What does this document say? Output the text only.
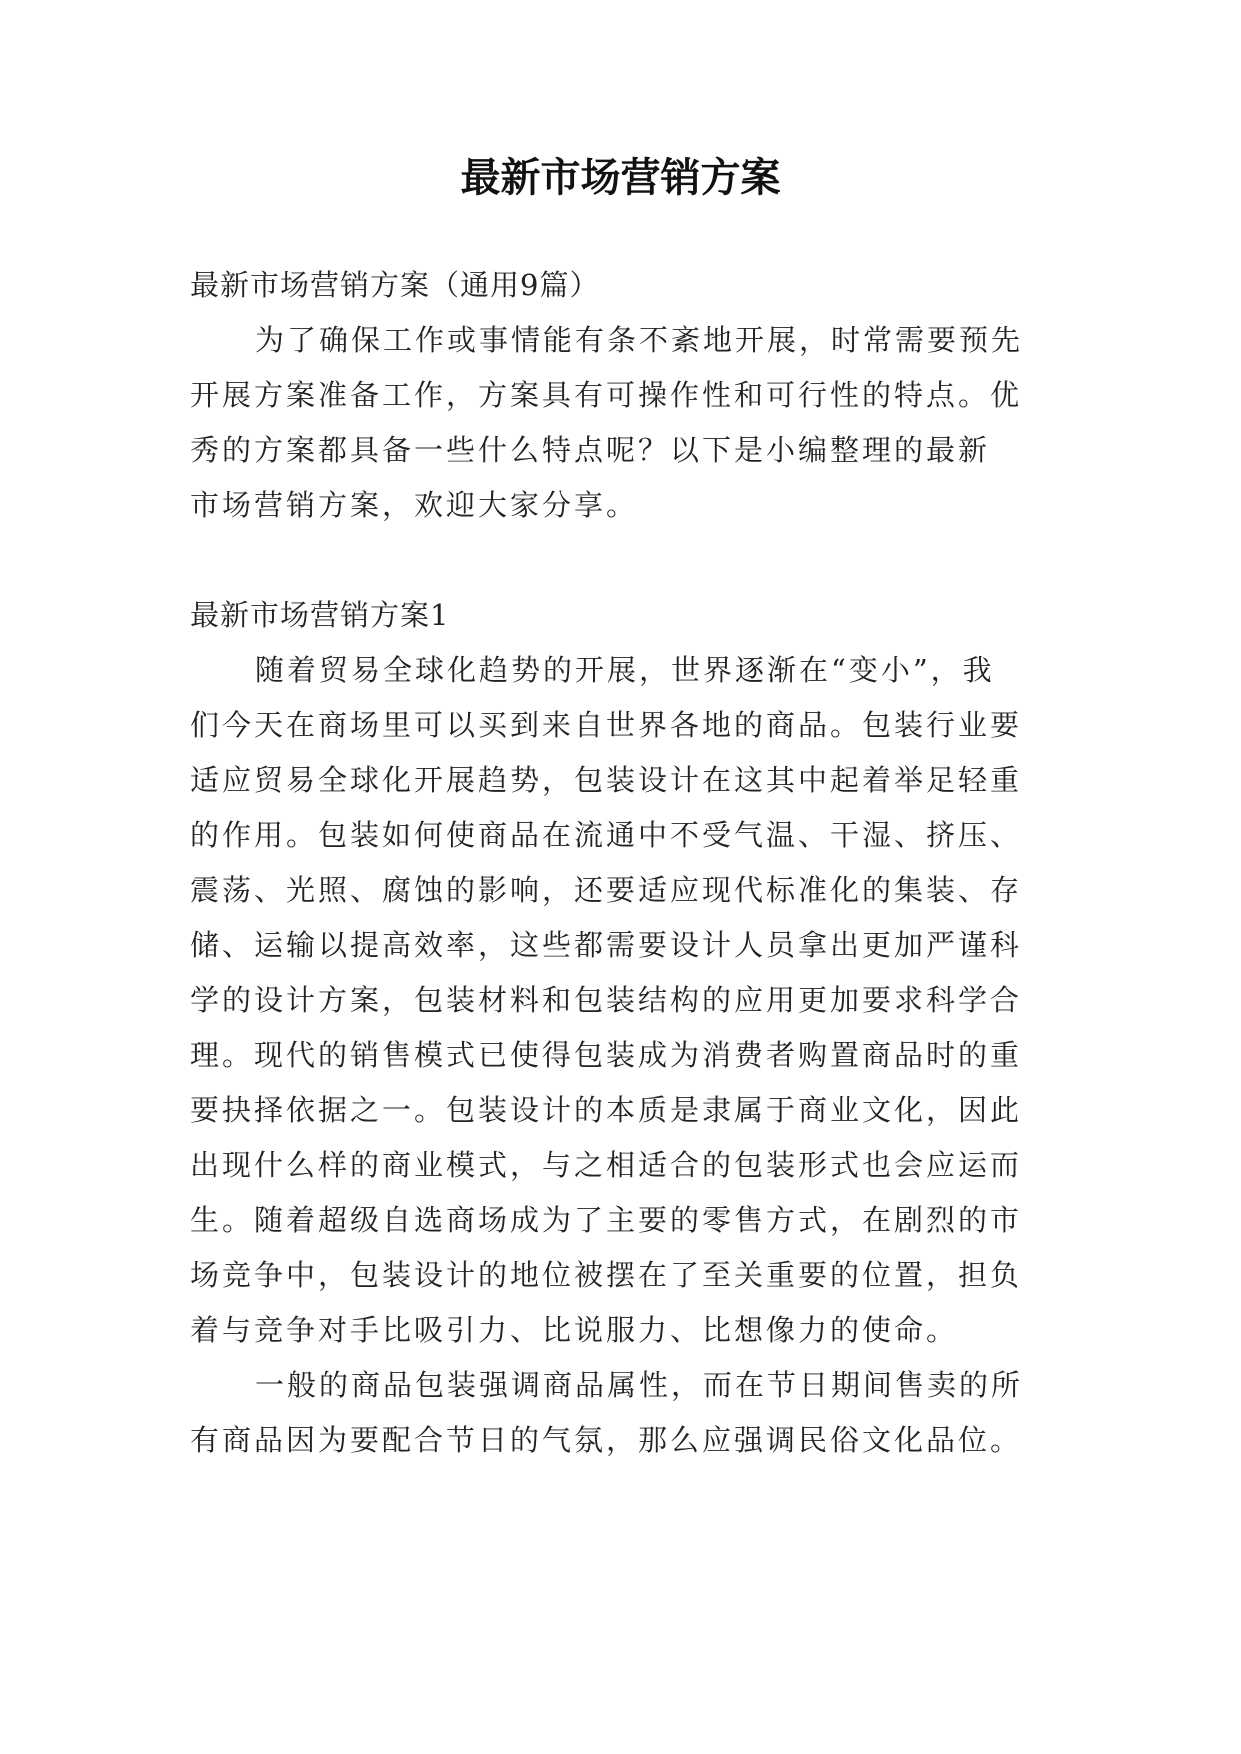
最新市场营销方案
最新市场营销方案（通用9篇）
为了确保工作或事情能有条不紊地开展，时常需要预先
开展方案准备工作，方案具有可操作性和可行性的特点。优
秀的方案都具备一些什么特点呢？以下是小编整理的最新
市场营销方案，欢迎大家分享。
最新市场营销方案1
随着贸易全球化趋势的开展，世界逐渐在“变小”，我
们今天在商场里可以买到来自世界各地的商品。包装行业要
适应贸易全球化开展趋势，包装设计在这其中起着举足轻重
的作用。包装如何使商品在流通中不受气温、干湿、挤压、
震荡、光照、腐蚀的影响，还要适应现代标准化的集装、存
储、运输以提高效率，这些都需要设计人员拿出更加严谨科
学的设计方案，包装材料和包装结构的应用更加要求科学合
理。现代的销售模式已使得包装成为消费者购置商品时的重
要抉择依据之一。包装设计的本质是隶属于商业文化，因此
出现什么样的商业模式，与之相适合的包装形式也会应运而
生。随着超级自选商场成为了主要的零售方式，在剧烈的市
场竞争中，包装设计的地位被摆在了至关重要的位置，担负
着与竞争对手比吸引力、比说服力、比想像力的使命。
一般的商品包装强调商品属性，而在节日期间售卖的所
有商品因为要配合节日的气氛，那么应强调民俗文化品位。
